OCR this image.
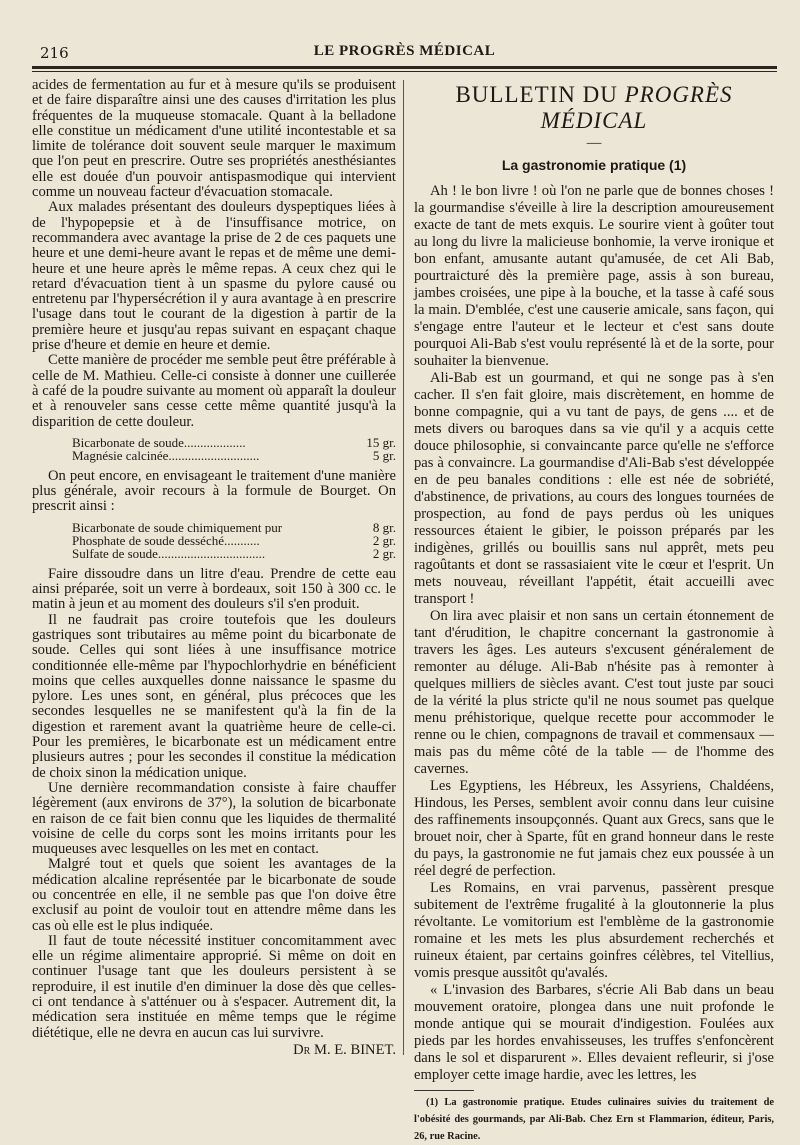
216	LE PROGRÈS MÉDICAL

acides de fermentation au fur et à mesure qu'ils se produisent et de faire disparaître ainsi une des causes d'irritation les plus fréquentes de la muqueuse stomacale. Quant à la belladone elle constitue un médicament d'une utilité incontestable et sa limite de tolérance doit souvent seule marquer le maximum que l'on peut en prescrire. Outre ses propriétés anesthésiantes elle est douée d'un pouvoir antispasmodique qui intervient comme un nouveau facteur d'évacuation stomacale.

Aux malades présentant des douleurs dyspeptiques liées à de l'hypopepsie et à de l'insuffisance motrice, on recommandera avec avantage la prise de 2 de ces paquets une heure et une demi-heure avant le repas et de même une demi-heure et une heure après le même repas. A ceux chez qui le retard d'évacuation tient à un spasme du pylore causé ou entretenu par l'hypersécrétion il y aura avantage à en prescrire l'usage dans tout le courant de la digestion à partir de la première heure et jusqu'au repas suivant en espaçant chaque prise d'heure et demie en heure et demie.

Cette manière de procéder me semble peut être préférable à celle de M. Mathieu. Celle-ci consiste à donner une cuillerée à café de la poudre suivante au moment où apparaît la douleur et à renouveler sans cesse cette même quantité jusqu'à la disparition de cette douleur.

Bicarbonate de soude...................	15 gr.
Magnésie calcinée............................	5 gr.

On peut encore, en envisageant le traitement d'une manière plus générale, avoir recours à la formule de Bourget. On prescrit ainsi :

Bicarbonate de soude chimiquement pur	8 gr.
Phosphate de soude desséché...........	2 gr.
Sulfate de soude.................................	2 gr.

Faire dissoudre dans un litre d'eau. Prendre de cette eau ainsi préparée, soit un verre à bordeaux, soit 150 à 300 cc. le matin à jeun et au moment des douleurs s'il s'en produit.

Il ne faudrait pas croire toutefois que les douleurs gastriques sont tributaires au même point du bicarbonate de soude. Celles qui sont liées à une insuffisance motrice conditionnée elle-même par l'hypochlorhydrie en bénéficient moins que celles auxquelles donne naissance le spasme du pylore. Les unes sont, en général, plus précoces que les secondes lesquelles ne se manifestent qu'à la fin de la digestion et rarement avant la quatrième heure de celle-ci. Pour les premières, le bicarbonate est un médicament entre plusieurs autres ; pour les secondes il constitue la médication de choix sinon la médication unique.

Une dernière recommandation consiste à faire chauffer légèrement (aux environs de 37°), la solution de bicarbonate en raison de ce fait bien connu que les liquides de thermalité voisine de celle du corps sont les moins irritants pour les muqueuses avec lesquelles on les met en contact.

Malgré tout et quels que soient les avantages de la médication alcaline représentée par le bicarbonate de soude ou concentrée en elle, il ne semble pas que l'on doive être exclusif au point de vouloir tout en attendre même dans les cas où elle est le plus indiquée.

Il faut de toute nécessité instituer concomitamment avec elle un régime alimentaire approprié. Si même on doit en continuer l'usage tant que les douleurs persistent à se reproduire, il est inutile d'en diminuer la dose dès que celles-ci ont tendance à s'atténuer ou à s'espacer. Autrement dit, la médication sera instituée en même temps que le régime diététique, elle ne devra en aucun cas lui survivre.

Dr M. E. BINET.
BULLETIN DU PROGRÈS MÉDICAL
—
La gastronomie pratique (1)

Ah ! le bon livre ! où l'on ne parle que de bonnes choses ! la gourmandise s'éveille à lire la description amoureusement exacte de tant de mets exquis. Le sourire vient à goûter tout au long du livre la malicieuse bonhomie, la verve ironique et bon enfant, amusante autant qu'amusée, de cet Ali Bab, pourtraicturé dès la première page, assis à son bureau, jambes croisées, une pipe à la bouche, et la tasse à café sous la main. D'emblée, c'est une causerie amicale, sans façon, qui s'engage entre l'auteur et le lecteur et c'est sans doute pourquoi Ali-Bab s'est voulu représenté là et de la sorte, pour souhaiter la bienvenue.

Ali-Bab est un gourmand, et qui ne songe pas à s'en cacher. Il s'en fait gloire, mais discrètement, en homme de bonne compagnie, qui a vu tant de pays, de gens .... et de mets divers ou baroques dans sa vie qu'il y a acquis cette douce philosophie, si convaincante parce qu'elle ne s'efforce pas à convaincre. La gourmandise d'Ali-Bab s'est développée en de peu banales conditions : elle est née de sobriété, d'abstinence, de privations, au cours des longues tournées de prospection, au fond de pays perdus où les uniques ressources étaient le gibier, le poisson préparés par les indigènes, grillés ou bouillis sans nul apprêt, mets peu ragoûtants et dont se rassasiaient vite le cœur et l'esprit. Un mets nouveau, réveillant l'appétit, était accueilli avec transport !

On lira avec plaisir et non sans un certain étonnement de tant d'érudition, le chapitre concernant la gastronomie à travers les âges. Les auteurs s'excusent généralement de remonter au déluge. Ali-Bab n'hésite pas à remonter à quelques milliers de siècles avant. C'est tout juste par souci de la vérité la plus stricte qu'il ne nous soumet pas quelque menu préhistorique, quelque recette pour accommoder le renne ou le chien, compagnons de travail et commensaux — mais pas du même côté de la table — de l'homme des cavernes.

Les Egyptiens, les Hébreux, les Assyriens, Chaldéens, Hindous, les Perses, semblent avoir connu dans leur cuisine des raffinements insoupçonnés. Quant aux Grecs, sans que le brouet noir, cher à Sparte, fût en grand honneur dans le reste du pays, la gastronomie ne fut jamais chez eux poussée à un réel degré de perfection.

Les Romains, en vrai parvenus, passèrent presque subitement de l'extrême frugalité à la gloutonnerie la plus révoltante. Le vomitorium est l'emblème de la gastronomie romaine et les mets les plus absurdement recherchés et ruineux étaient, par certains goinfres célèbres, tel Vitellius, vomis presque aussitôt qu'avalés.

« L'invasion des Barbares, s'écrie Ali Bab dans un beau mouvement oratoire, plongea dans une nuit profonde le monde antique qui se mourait d'indigestion. Foulées aux pieds par les hordes envahisseuses, les truffes s'enfoncèrent dans le sol et disparurent ». Elles devaient refleurir, si j'ose employer cette image hardie, avec les lettres, les

(1) La gastronomie pratique. Etudes culinaires suivies du traitement de l'obésité des gourmands, par Ali-Bab. Chez Ern st Flammarion, éditeur, Paris, 26, rue Racine.
